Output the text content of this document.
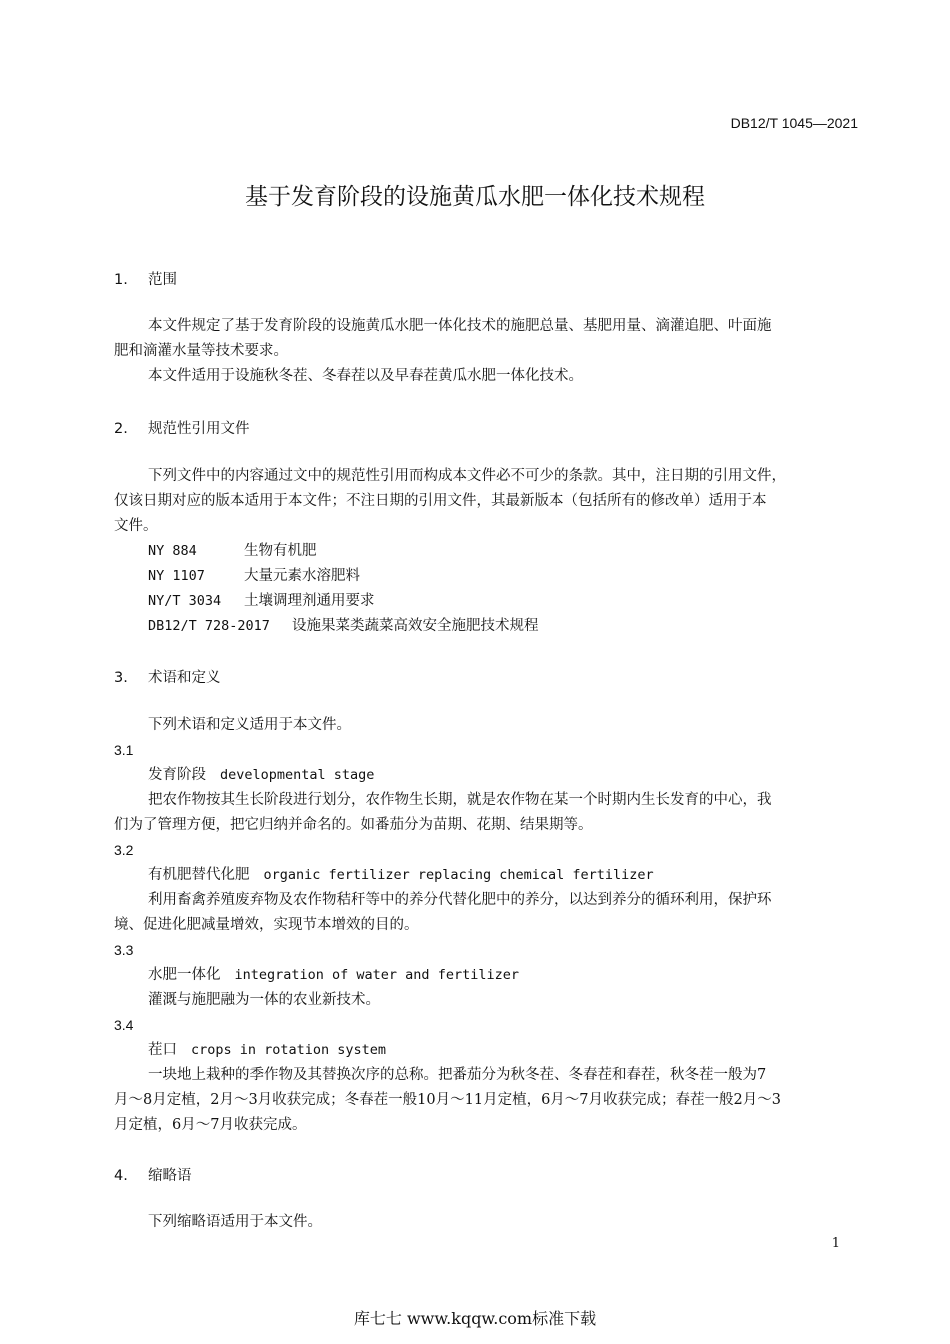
DB12/T 1045—2021
基于发育阶段的设施黄瓜水肥一体化技术规程
1. 范围
本文件规定了基于发育阶段的设施黄瓜水肥一体化技术的施肥总量、基肥用量、滴灌追肥、叶面施
肥和滴灌水量等技术要求。
本文件适用于设施秋冬茬、冬春茬以及早春茬黄瓜水肥一体化技术。
2. 规范性引用文件
下列文件中的内容通过文中的规范性引用而构成本文件必不可少的条款。其中，注日期的引用文件，
仅该日期对应的版本适用于本文件；不注日期的引用文件，其最新版本（包括所有的修改单）适用于本
文件。
NY 884	生物有机肥
NY 1107	大量元素水溶肥料
NY/T 3034 土壤调理剂通用要求
DB12/T 728-2017 设施果菜类蔬菜高效安全施肥技术规程
3. 术语和定义
下列术语和定义适用于本文件。
3.1
发育阶段 developmental stage
把农作物按其生长阶段进行划分，农作物生长期，就是农作物在某一个时期内生长发育的中心，我
们为了管理方便，把它归纳并命名的。如番茄分为苗期、花期、结果期等。
3.2
有机肥替代化肥 organic fertilizer replacing chemical fertilizer
利用畜禽养殖废弃物及农作物秸秆等中的养分代替化肥中的养分，以达到养分的循环利用，保护环
境、促进化肥减量增效，实现节本增效的目的。
3.3
水肥一体化 integration of water and fertilizer
灌溉与施肥融为一体的农业新技术。
3.4
茬口 crops in rotation system
一块地上栽种的季作物及其替换次序的总称。把番茄分为秋冬茬、冬春茬和春茬，秋冬茬一般为7
月～8月定植，2月～3月收获完成；冬春茬一般10月～11月定植，6月～7月收获完成；春茬一般2月～3
月定植，6月～7月收获完成。
4. 缩略语
下列缩略语适用于本文件。
1
库七七 www.kqqw.com标准下载
